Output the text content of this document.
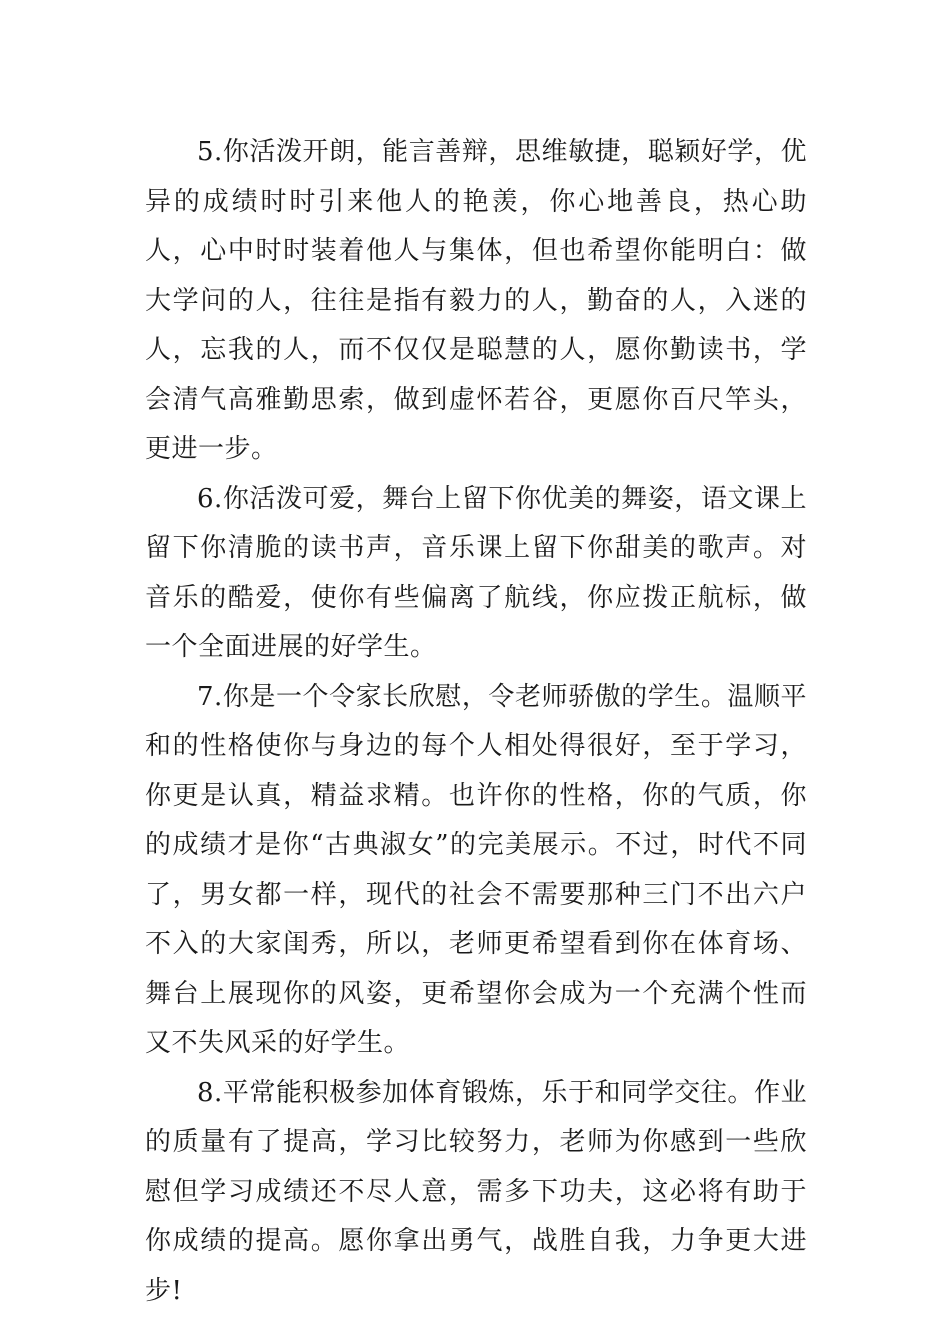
5.你活泼开朗，能言善辩，思维敏捷，聪颖好学，优异的成绩时时引来他人的艳羡，你心地善良，热心助人，心中时时装着他人与集体，但也希望你能明白：做大学问的人，往往是指有毅力的人，勤奋的人，入迷的人，忘我的人，而不仅仅是聪慧的人，愿你勤读书，学会清气高雅勤思索，做到虚怀若谷，更愿你百尺竿头，更进一步。

6.你活泼可爱，舞台上留下你优美的舞姿，语文课上留下你清脆的读书声，音乐课上留下你甜美的歌声。对音乐的酷爱，使你有些偏离了航线，你应拨正航标，做一个全面进展的好学生。

7.你是一个令家长欣慰，令老师骄傲的学生。温顺平和的性格使你与身边的每个人相处得很好，至于学习，你更是认真，精益求精。也许你的性格，你的气质，你的成绩才是你“古典淑女”的完美展示。不过，时代不同了，男女都一样，现代的社会不需要那种三门不出六户不入的大家闺秀，所以，老师更希望看到你在体育场、舞台上展现你的风姿，更希望你会成为一个充满个性而又不失风采的好学生。

8.平常能积极参加体育锻炼，乐于和同学交往。作业的质量有了提高，学习比较努力，老师为你感到一些欣慰但学习成绩还不尽人意，需多下功夫，这必将有助于你成绩的提高。愿你拿出勇气，战胜自我，力争更大进步!
